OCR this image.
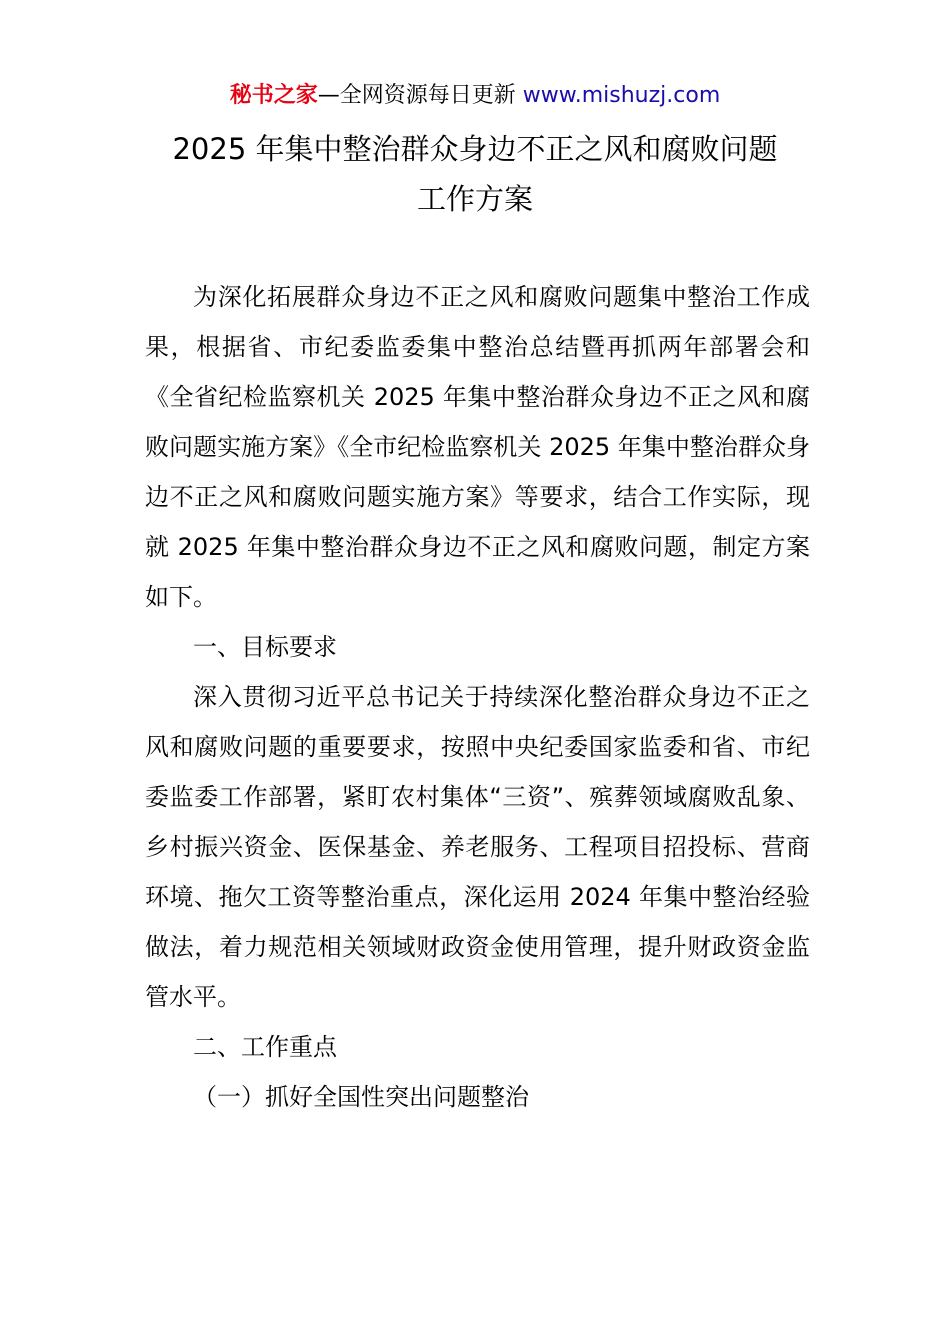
秘书之家—全网资源每日更新 www.mishuzj.com
2025 年集中整治群众身边不正之风和腐败问题
工作方案

为深化拓展群众身边不正之风和腐败问题集中整治工作成果，根据省、市纪委监委集中整治总结暨再抓两年部署会和《全省纪检监察机关 2025 年集中整治群众身边不正之风和腐败问题实施方案》《全市纪检监察机关 2025 年集中整治群众身边不正之风和腐败问题实施方案》等要求，结合工作实际，现就 2025 年集中整治群众身边不正之风和腐败问题，制定方案如下。

一、目标要求

深入贯彻习近平总书记关于持续深化整治群众身边不正之风和腐败问题的重要要求，按照中央纪委国家监委和省、市纪委监委工作部署，紧盯农村集体“三资”、殡葬领域腐败乱象、乡村振兴资金、医保基金、养老服务、工程项目招投标、营商环境、拖欠工资等整治重点，深化运用 2024 年集中整治经验做法，着力规范相关领域财政资金使用管理，提升财政资金监管水平。

二、工作重点

（一）抓好全国性突出问题整治
